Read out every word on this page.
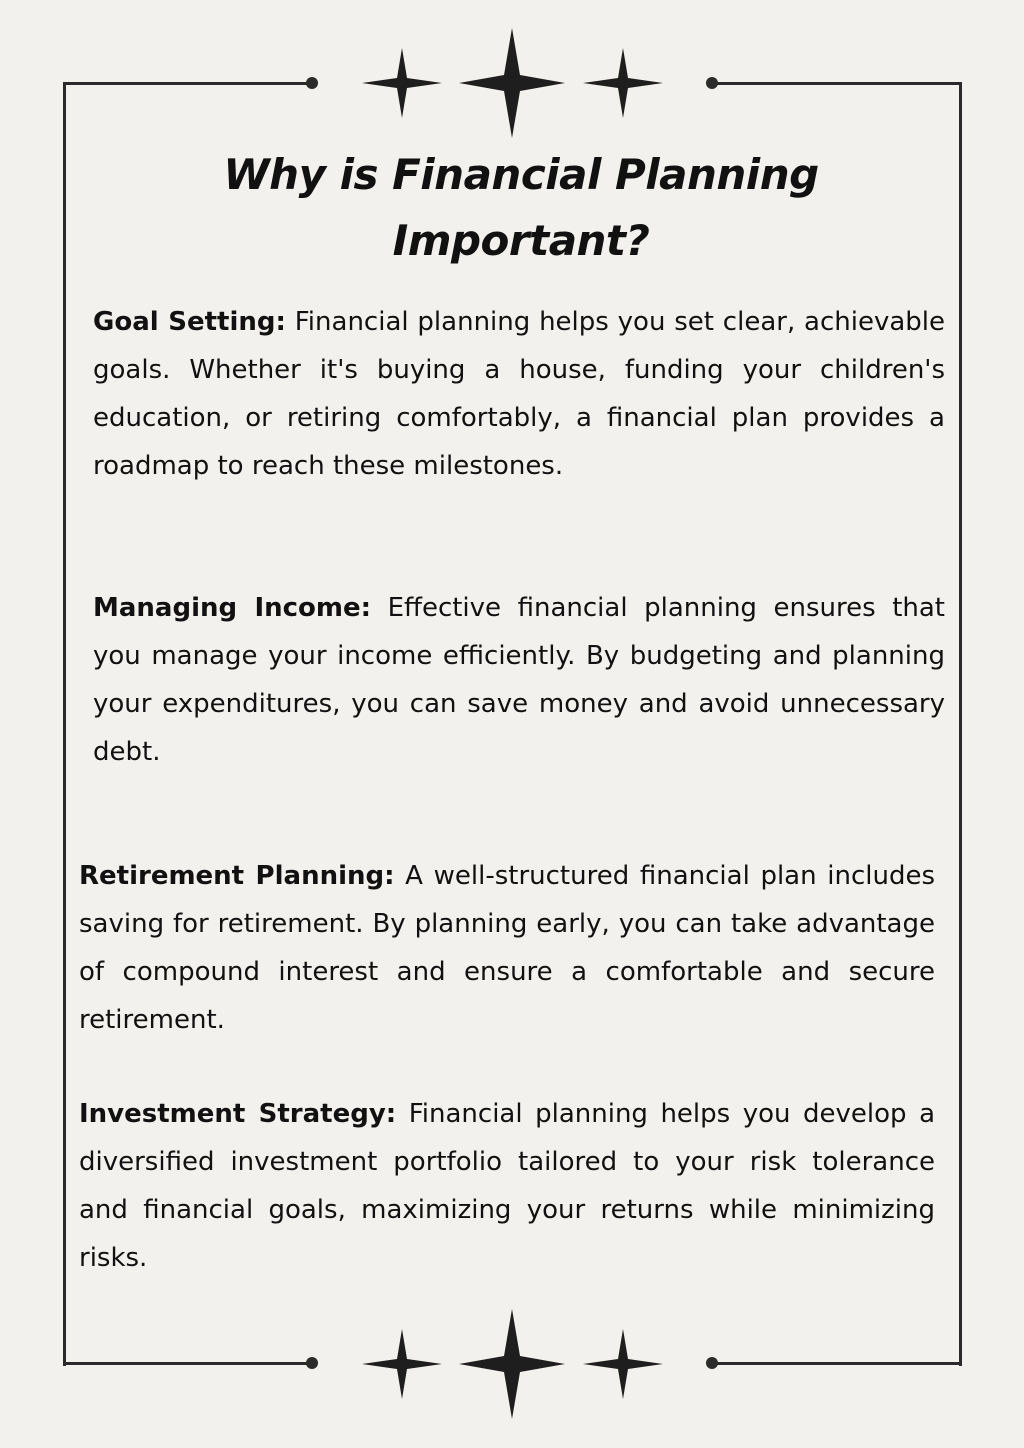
Why is Financial Planning Important?

Goal Setting: Financial planning helps you set clear, achievable goals. Whether it's buying a house, funding your children's education, or retiring comfortably, a financial plan provides a roadmap to reach these milestones.

Managing Income: Effective financial planning ensures that you manage your income efficiently. By budgeting and planning your expenditures, you can save money and avoid unnecessary debt.

Retirement Planning: A well-structured financial plan includes saving for retirement. By planning early, you can take advantage of compound interest and ensure a comfortable and secure retirement.

Investment Strategy: Financial planning helps you develop a diversified investment portfolio tailored to your risk tolerance and financial goals, maximizing your returns while minimizing risks.
